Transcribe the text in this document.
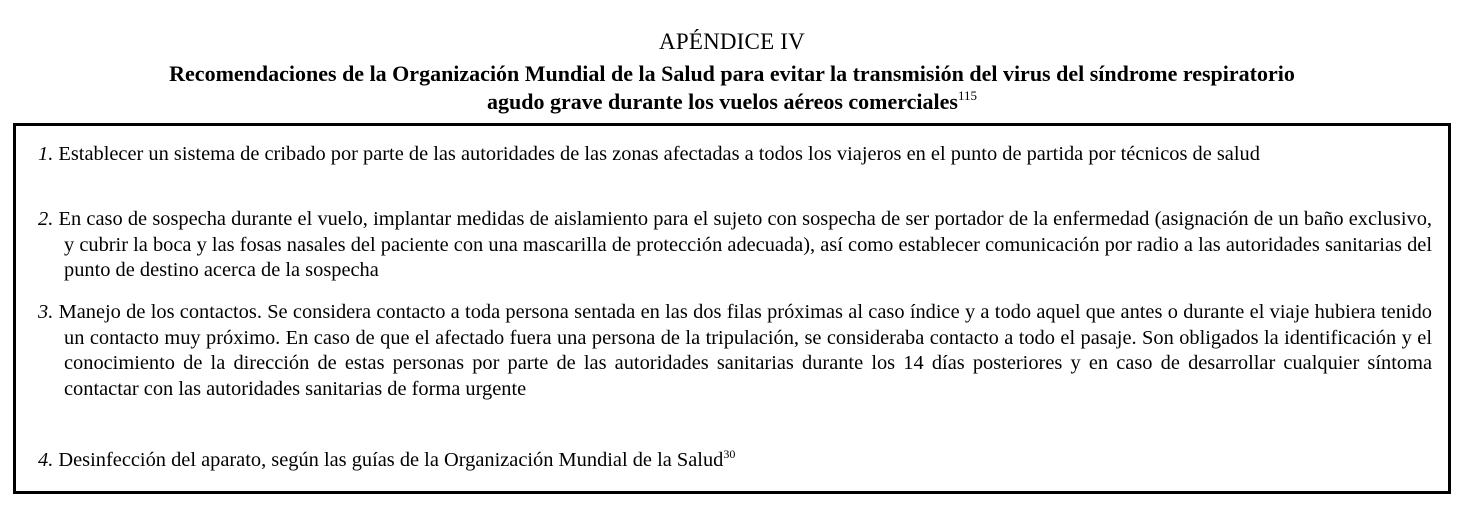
APÉNDICE IV
Recomendaciones de la Organización Mundial de la Salud para evitar la transmisión del virus del síndrome respiratorio
agudo grave durante los vuelos aéreos comerciales$^{115}$
1. Establecer un sistema de cribado por parte de las autoridades de las zonas afectadas a todos los viajeros en el punto de partida por técnicos de salud
2. En caso de sospecha durante el vuelo, implantar medidas de aislamiento para el sujeto con sospecha de ser portador de la enfermedad (asignación de un baño exclusivo, y cubrir la boca y las fosas nasales del paciente con una mascarilla de protección adecuada), así como establecer comunicación por radio a las autoridades sanitarias del punto de destino acerca de la sospecha
3. Manejo de los contactos. Se considera contacto a toda persona sentada en las dos filas próximas al caso índice y a todo aquel que antes o durante el viaje hubiera tenido un contacto muy próximo. En caso de que el afectado fuera una persona de la tripulación, se consideraba contacto a todo el pasaje. Son obligados la identificación y el conocimiento de la dirección de estas personas por parte de las autoridades sanitarias durante los 14 días posteriores y en caso de desarrollar cualquier síntoma contactar con las autoridades sanitarias de forma urgente
4. Desinfección del aparato, según las guías de la Organización Mundial de la Salud$^{30}$
